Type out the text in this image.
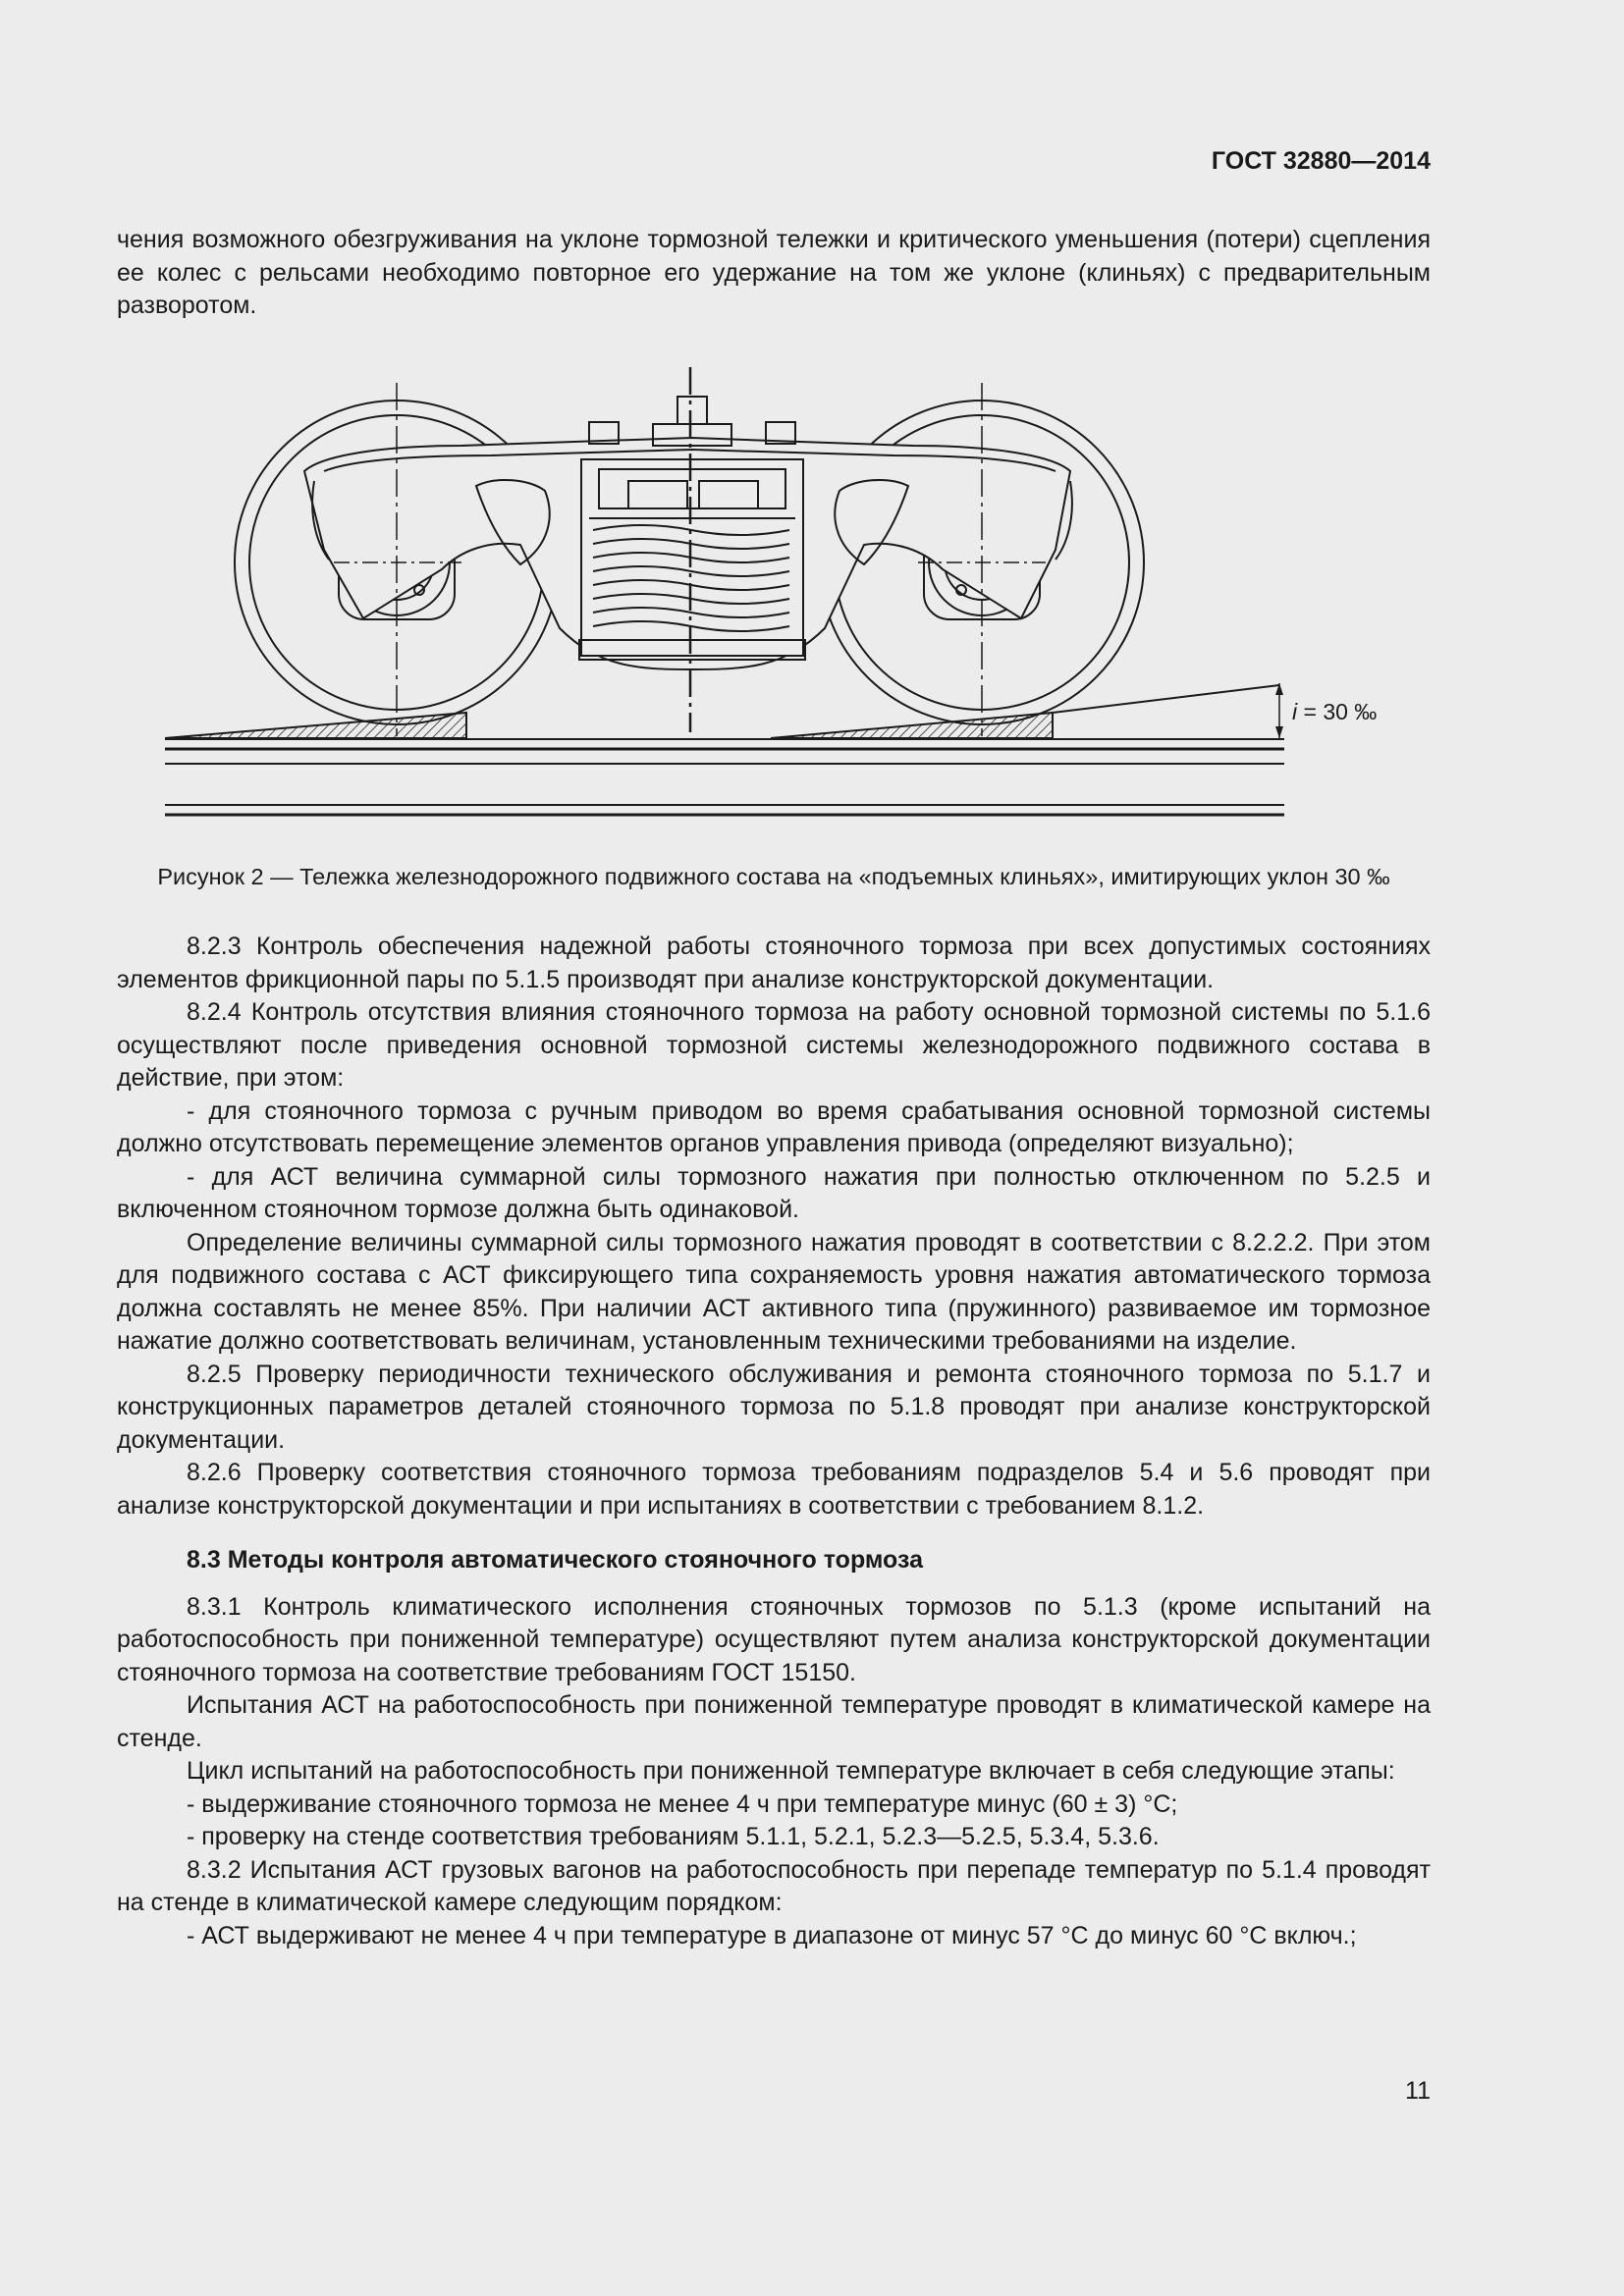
ГОСТ 32880—2014
чения возможного обезгруживания на уклоне тормозной тележки и критического уменьшения (потери) сцепления ее колес с рельсами необходимо повторное его удержание на том же уклоне (клиньях) с предварительным разворотом.
i = 30 ‰
Рисунок 2 — Тележка железнодорожного подвижного состава на «подъемных клиньях», имитирующих уклон 30 ‰

8.2.3 Контроль обеспечения надежной работы стояночного тормоза при всех допустимых состояниях элементов фрикционной пары по 5.1.5 производят при анализе конструкторской документации.

8.2.4 Контроль отсутствия влияния стояночного тормоза на работу основной тормозной системы по 5.1.6 осуществляют после приведения основной тормозной системы железнодорожного подвижного состава в действие, при этом:

- для стояночного тормоза с ручным приводом во время срабатывания основной тормозной системы должно отсутствовать перемещение элементов органов управления привода (определяют визуально);

- для АСТ величина суммарной силы тормозного нажатия при полностью отключенном по 5.2.5 и включенном стояночном тормозе должна быть одинаковой.

Определение величины суммарной силы тормозного нажатия проводят в соответствии с 8.2.2.2. При этом для подвижного состава с АСТ фиксирующего типа сохраняемость уровня нажатия автоматического тормоза должна составлять не менее 85%. При наличии АСТ активного типа (пружинного) развиваемое им тормозное нажатие должно соответствовать величинам, установленным техническими требованиями на изделие.

8.2.5 Проверку периодичности технического обслуживания и ремонта стояночного тормоза по 5.1.7 и конструкционных параметров деталей стояночного тормоза по 5.1.8 проводят при анализе конструкторской документации.

8.2.6 Проверку соответствия стояночного тормоза требованиям подразделов 5.4 и 5.6 проводят при анализе конструкторской документации и при испытаниях в соответствии с требованием 8.1.2.

8.3 Методы контроля автоматического стояночного тормоза

8.3.1 Контроль климатического исполнения стояночных тормозов по 5.1.3 (кроме испытаний на работоспособность при пониженной температуре) осуществляют путем анализа конструкторской документации стояночного тормоза на соответствие требованиям ГОСТ 15150.

Испытания АСТ на работоспособность при пониженной температуре проводят в климатической камере на стенде.

Цикл испытаний на работоспособность при пониженной температуре включает в себя следующие этапы:

- выдерживание стояночного тормоза не менее 4 ч при температуре минус (60 ± 3) °С;

- проверку на стенде соответствия требованиям 5.1.1, 5.2.1, 5.2.3—5.2.5, 5.3.4, 5.3.6.

8.3.2 Испытания АСТ грузовых вагонов на работоспособность при перепаде температур по 5.1.4 проводят на стенде в климатической камере следующим порядком:

- АСТ выдерживают не менее 4 ч при температуре в диапазоне от минус 57 °С до минус 60 °С включ.;

11
